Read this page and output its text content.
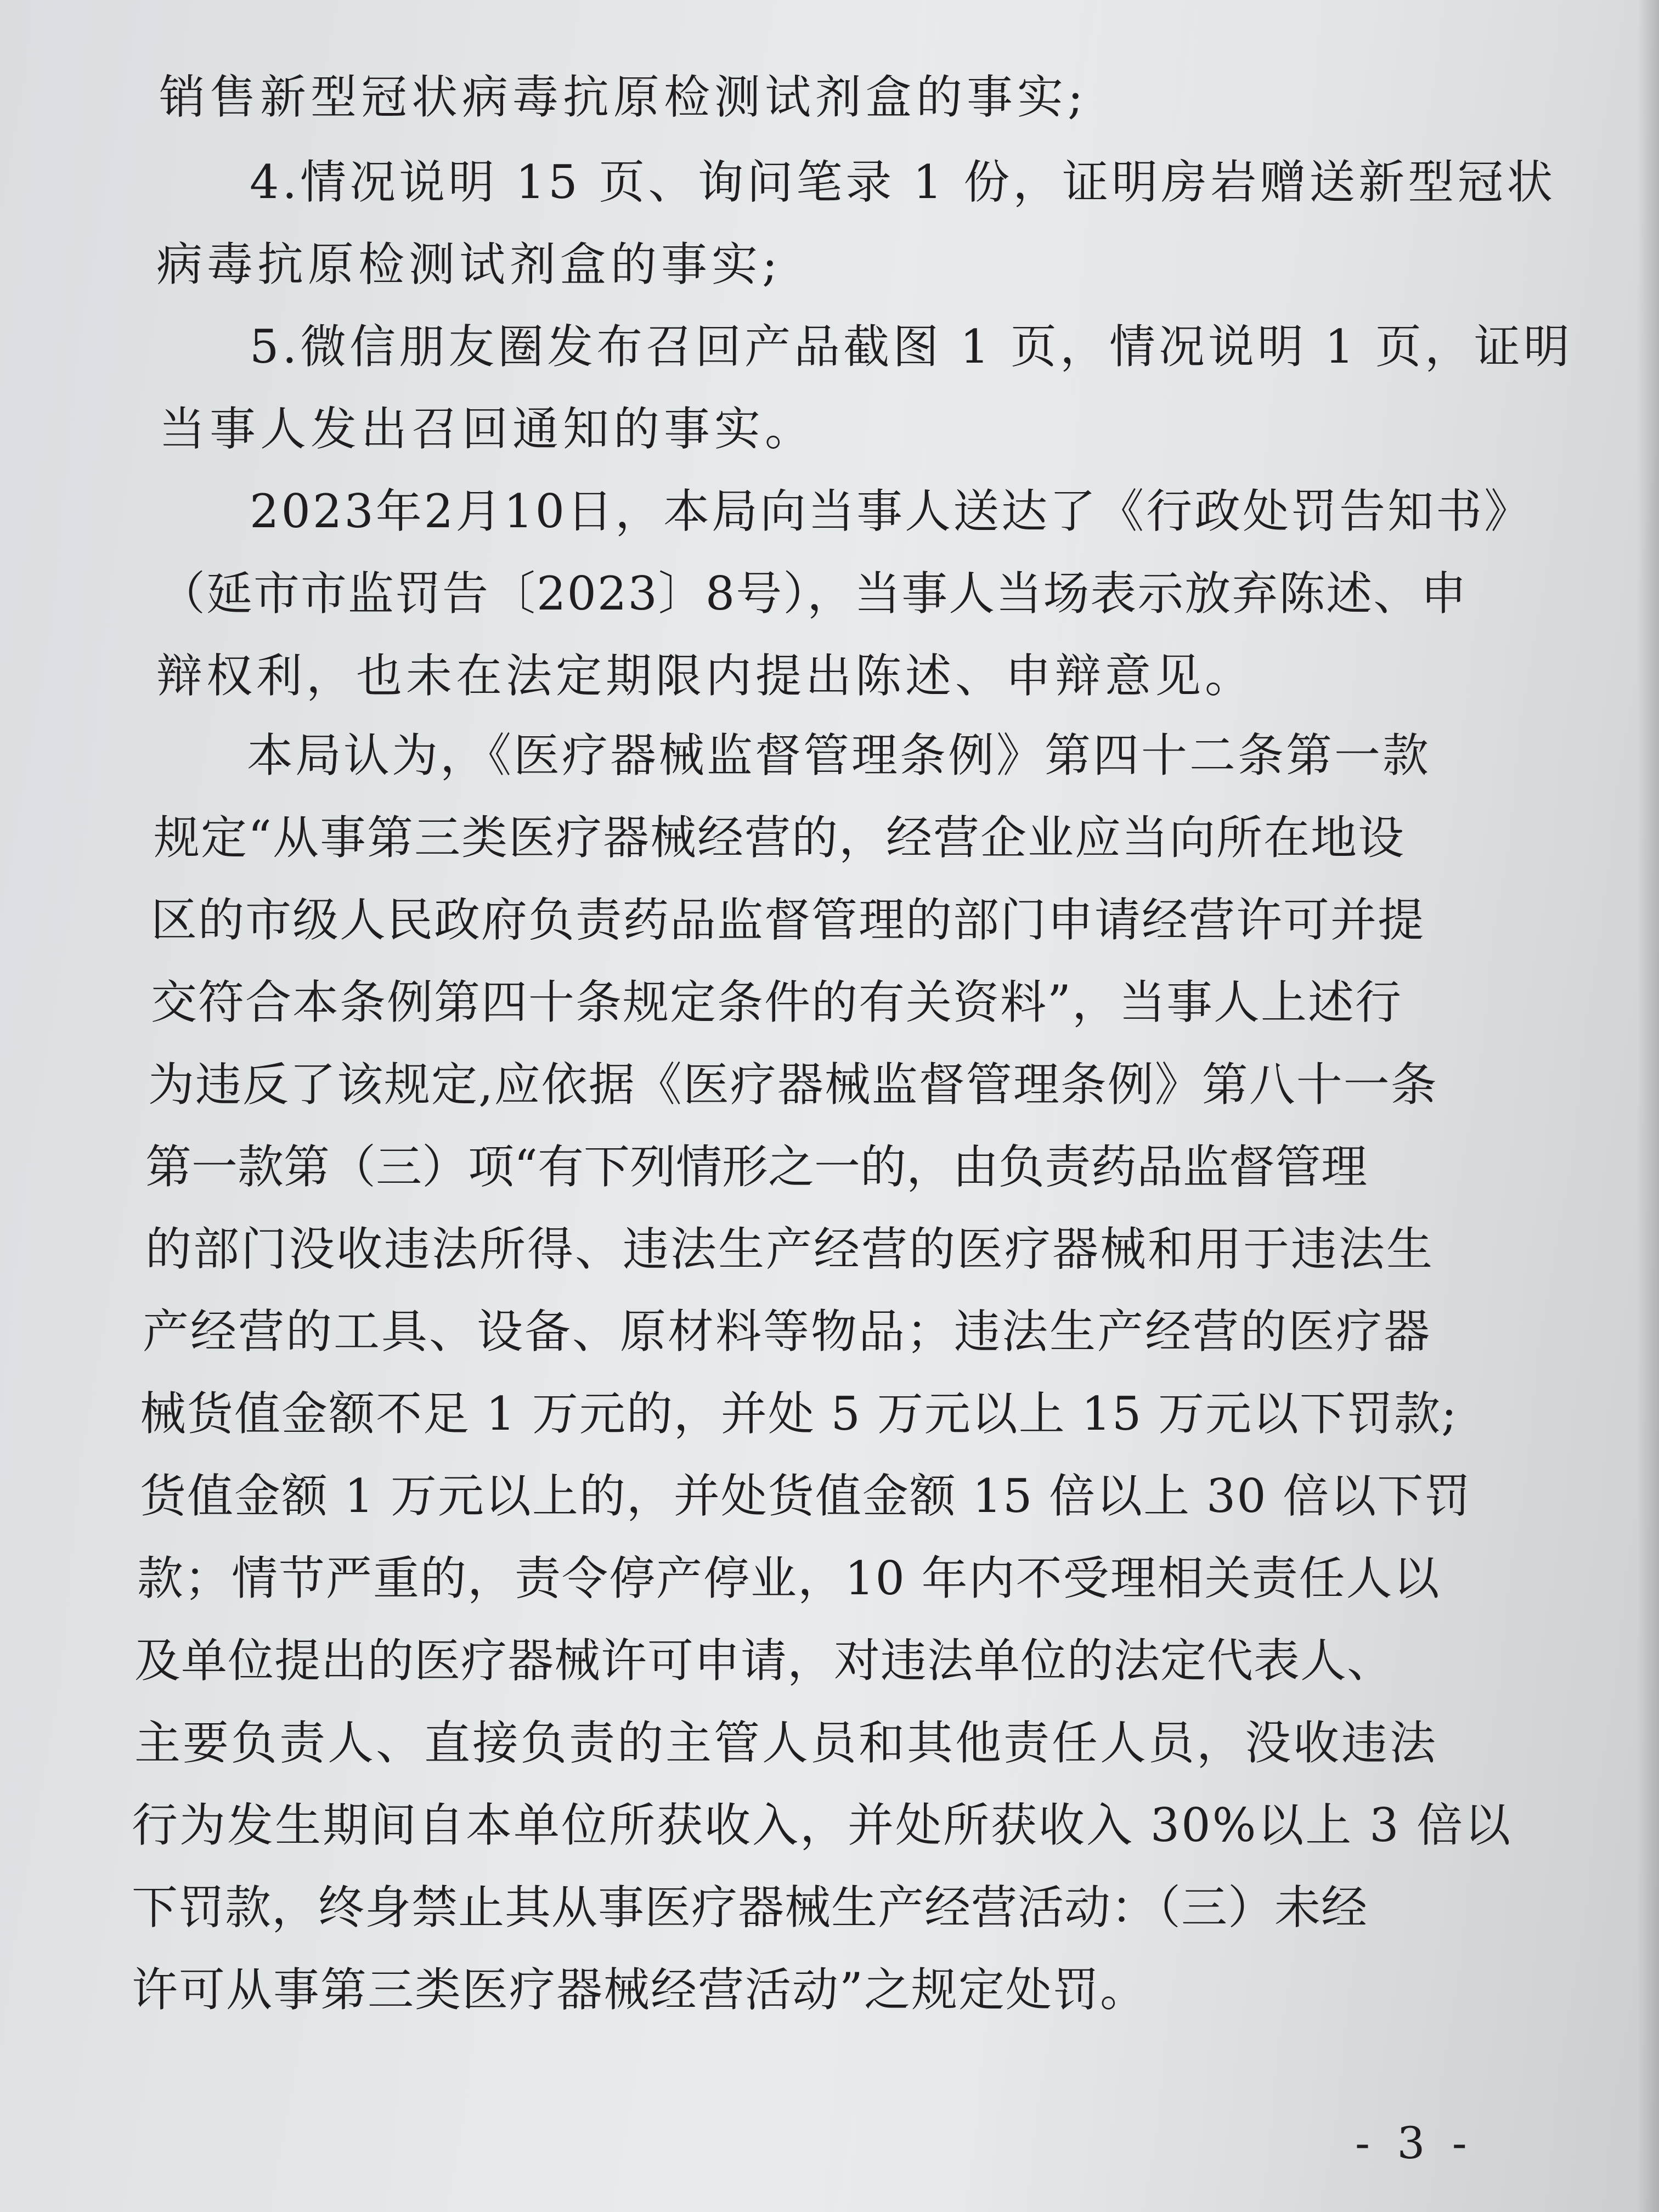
销售新型冠状病毒抗原检测试剂盒的事实;
4.情况说明 15 页、询问笔录 1 份，证明房岩赠送新型冠状
病毒抗原检测试剂盒的事实;
5.微信朋友圈发布召回产品截图 1 页，情况说明 1 页，证明
当事人发出召回通知的事实。
2023年2月10日，本局向当事人送达了《行政处罚告知书》
（延市市监罚告〔2023〕8号），当事人当场表示放弃陈述、申
辩权利，也未在法定期限内提出陈述、申辩意见。
本局认为，《医疗器械监督管理条例》第四十二条第一款
规定“从事第三类医疗器械经营的，经营企业应当向所在地设
区的市级人民政府负责药品监督管理的部门申请经营许可并提
交符合本条例第四十条规定条件的有关资料”，当事人上述行
为违反了该规定,应依据《医疗器械监督管理条例》第八十一条
第一款第（三）项“有下列情形之一的，由负责药品监督管理
的部门没收违法所得、违法生产经营的医疗器械和用于违法生
产经营的工具、设备、原材料等物品；违法生产经营的医疗器
械货值金额不足 1 万元的，并处 5 万元以上 15 万元以下罚款;
货值金额 1 万元以上的，并处货值金额 15 倍以上 30 倍以下罚
款；情节严重的，责令停产停业，10 年内不受理相关责任人以
及单位提出的医疗器械许可申请，对违法单位的法定代表人、
主要负责人、直接负责的主管人员和其他责任人员，没收违法
行为发生期间自本单位所获收入，并处所获收入 30%以上 3 倍以
下罚款，终身禁止其从事医疗器械生产经营活动：（三）未经
许可从事第三类医疗器械经营活动”之规定处罚。
- 3 -
